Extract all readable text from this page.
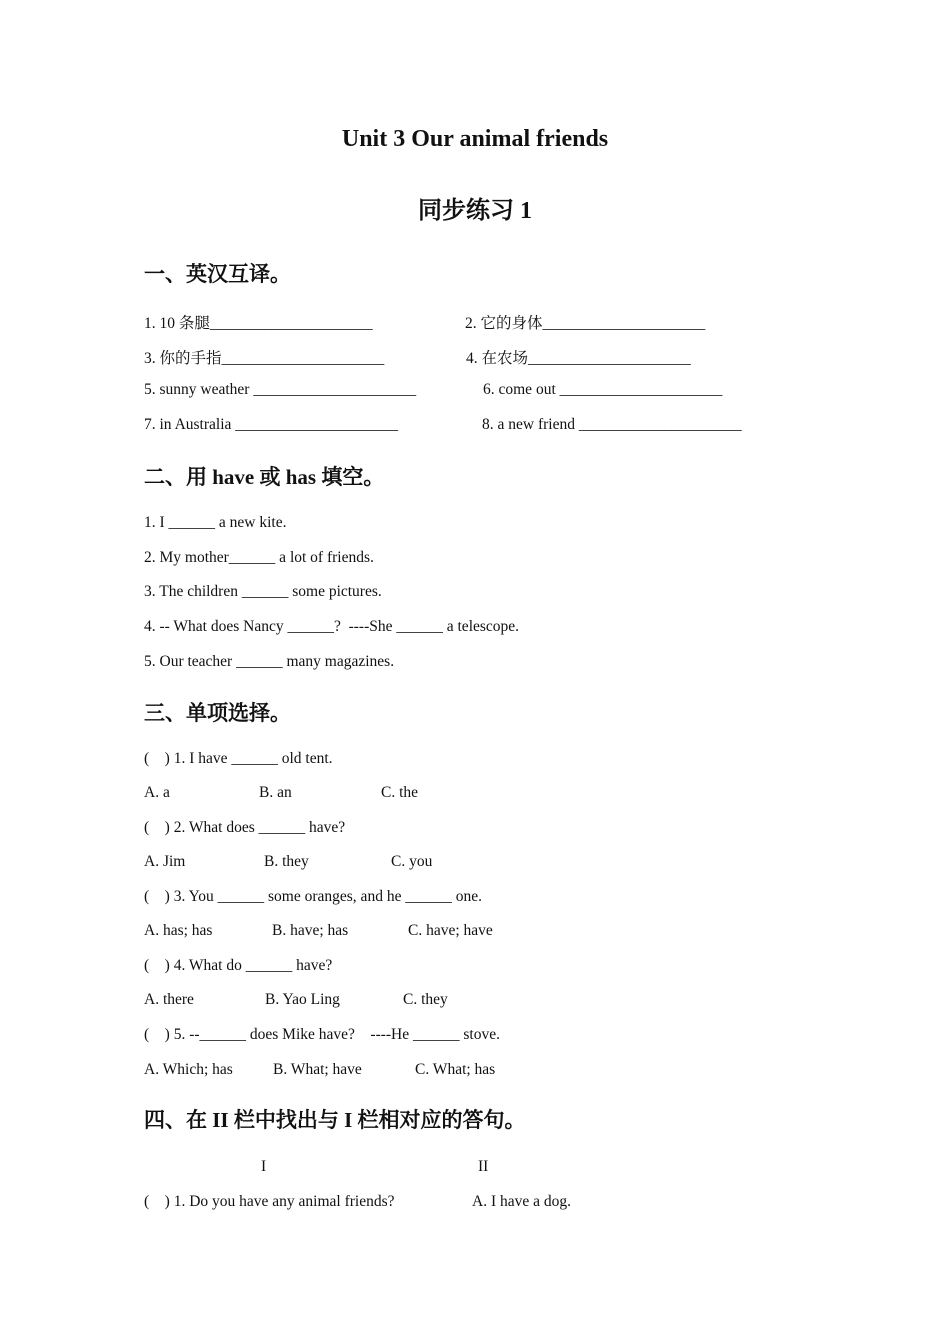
Unit 3 Our animal friends
同步练习 1
一、英汉互译。
1. 10 条腿_____________________	2. 它的身体_____________________
3. 你的手指_____________________	4. 在农场_____________________
5. sunny weather _____________________	6. come out _____________________
7. in Australia _____________________	8. a new friend _____________________
二、用 have 或 has 填空。
1. I ______ a new kite.
2. My mother______ a lot of friends.
3. The children ______ some pictures.
4. -- What does Nancy ______?  ----She ______ a telescope.
5. Our teacher ______ many magazines.
三、单项选择。
(    ) 1. I have ______ old tent.
A. a	B. an	C. the
(    ) 2. What does ______ have?
A. Jim	B. they	C. you
(    ) 3. You ______ some oranges, and he ______ one.
A. has; has	B. have; has	C. have; have
(    ) 4. What do ______ have?
A. there	B. Yao Ling	C. they
(    ) 5. --______ does Mike have?    ----He ______ stove.
A. Which; has	B. What; have	C. What; has
四、在 II 栏中找出与 I 栏相对应的答句。
I	II
(    ) 1. Do you have any animal friends?	A. I have a dog.
